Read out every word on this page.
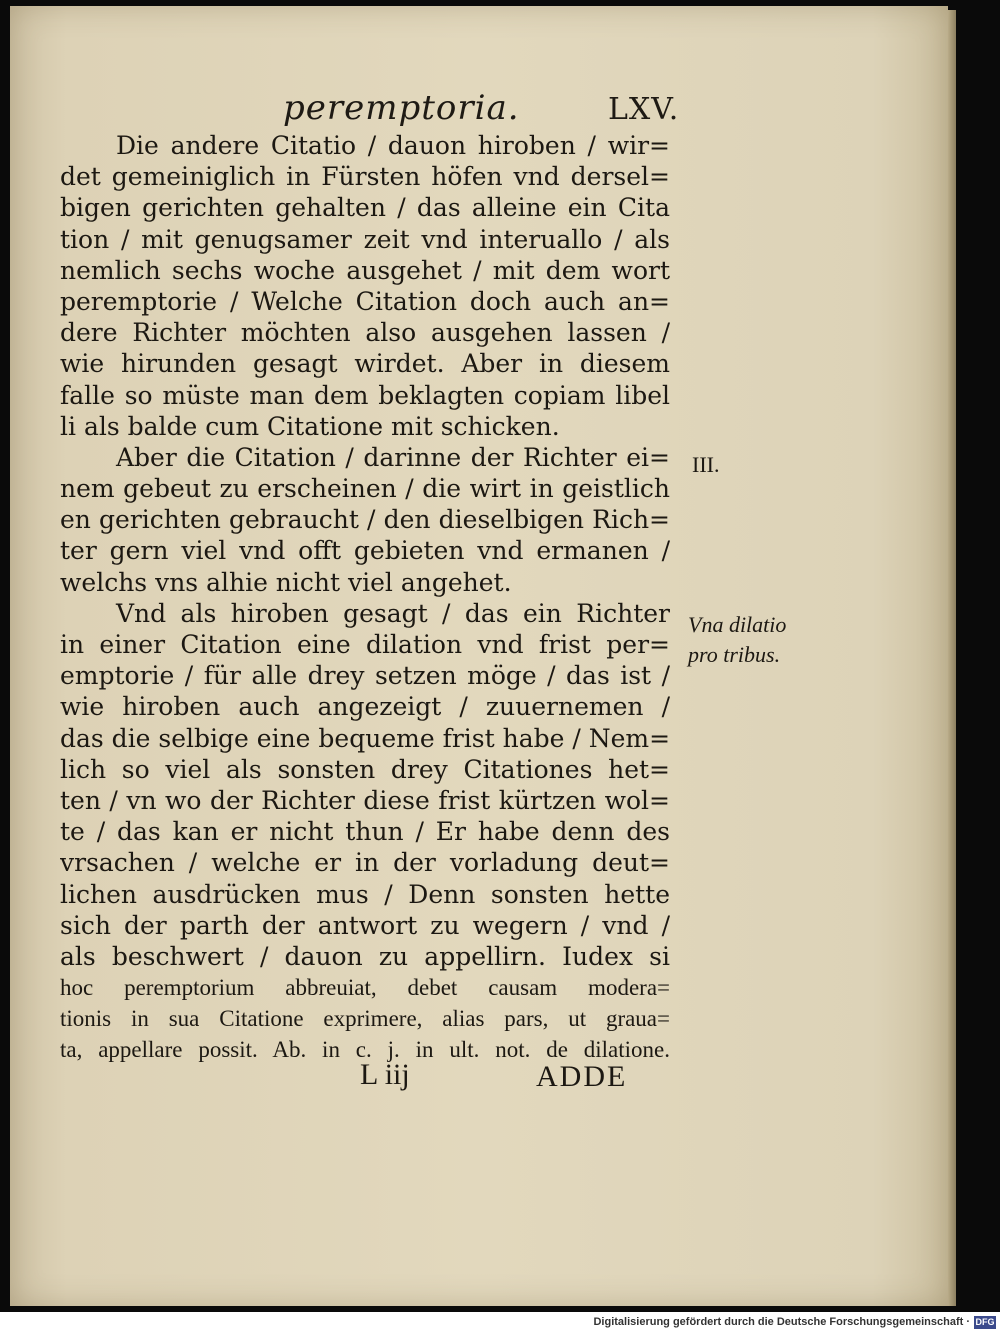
peremptoria.	LXV.
Die andere Citatio / dauon hiroben / wir=
det gemeiniglich in Fürsten höfen vnd dersel=
bigen gerichten gehalten / das alleine ein Cita
tion / mit genugsamer zeit vnd interuallo / als
nemlich sechs woche ausgehet / mit dem wort
peremptorie / Welche Citation doch auch an=
dere Richter möchten also ausgehen lassen /
wie hirunden gesagt wirdet. Aber in diesem
falle so müste man dem beklagten copiam libel
li als balde cum Citatione mit schicken.
Aber die Citation / darinne der Richter ei=
nem gebeut zu erscheinen / die wirt in geistlich
en gerichten gebraucht / den dieselbigen Rich=
ter gern viel vnd offt gebieten vnd ermanen /
welchs vns alhie nicht viel angehet.
Vnd als hiroben gesagt / das ein Richter
in einer Citation eine dilation vnd frist per=
emptorie / für alle drey setzen möge / das ist /
wie hiroben auch angezeigt / zuuernemen /
das die selbige eine bequeme frist habe / Nem=
lich so viel als sonsten drey Citationes het=
ten / vn wo der Richter diese frist kürtzen wol=
te / das kan er nicht thun / Er habe denn des
vrsachen / welche er in der vorladung deut=
lichen ausdrücken mus / Denn sonsten hette
sich der parth der antwort zu wegern / vnd /
als beschwert / dauon zu appellirn. Iudex si
hoc peremptorium abbreuiat, debet causam modera=
tionis in sua Citatione exprimere, alias pars, ut graua=
ta, appellare possit. Ab. in c. j. in ult. not. de dilatione.
III.
Vna dilatio
pro tribus.
L iij	ADDE
Digitalisierung gefördert durch die Deutsche Forschungsgemeinschaft · DFG
